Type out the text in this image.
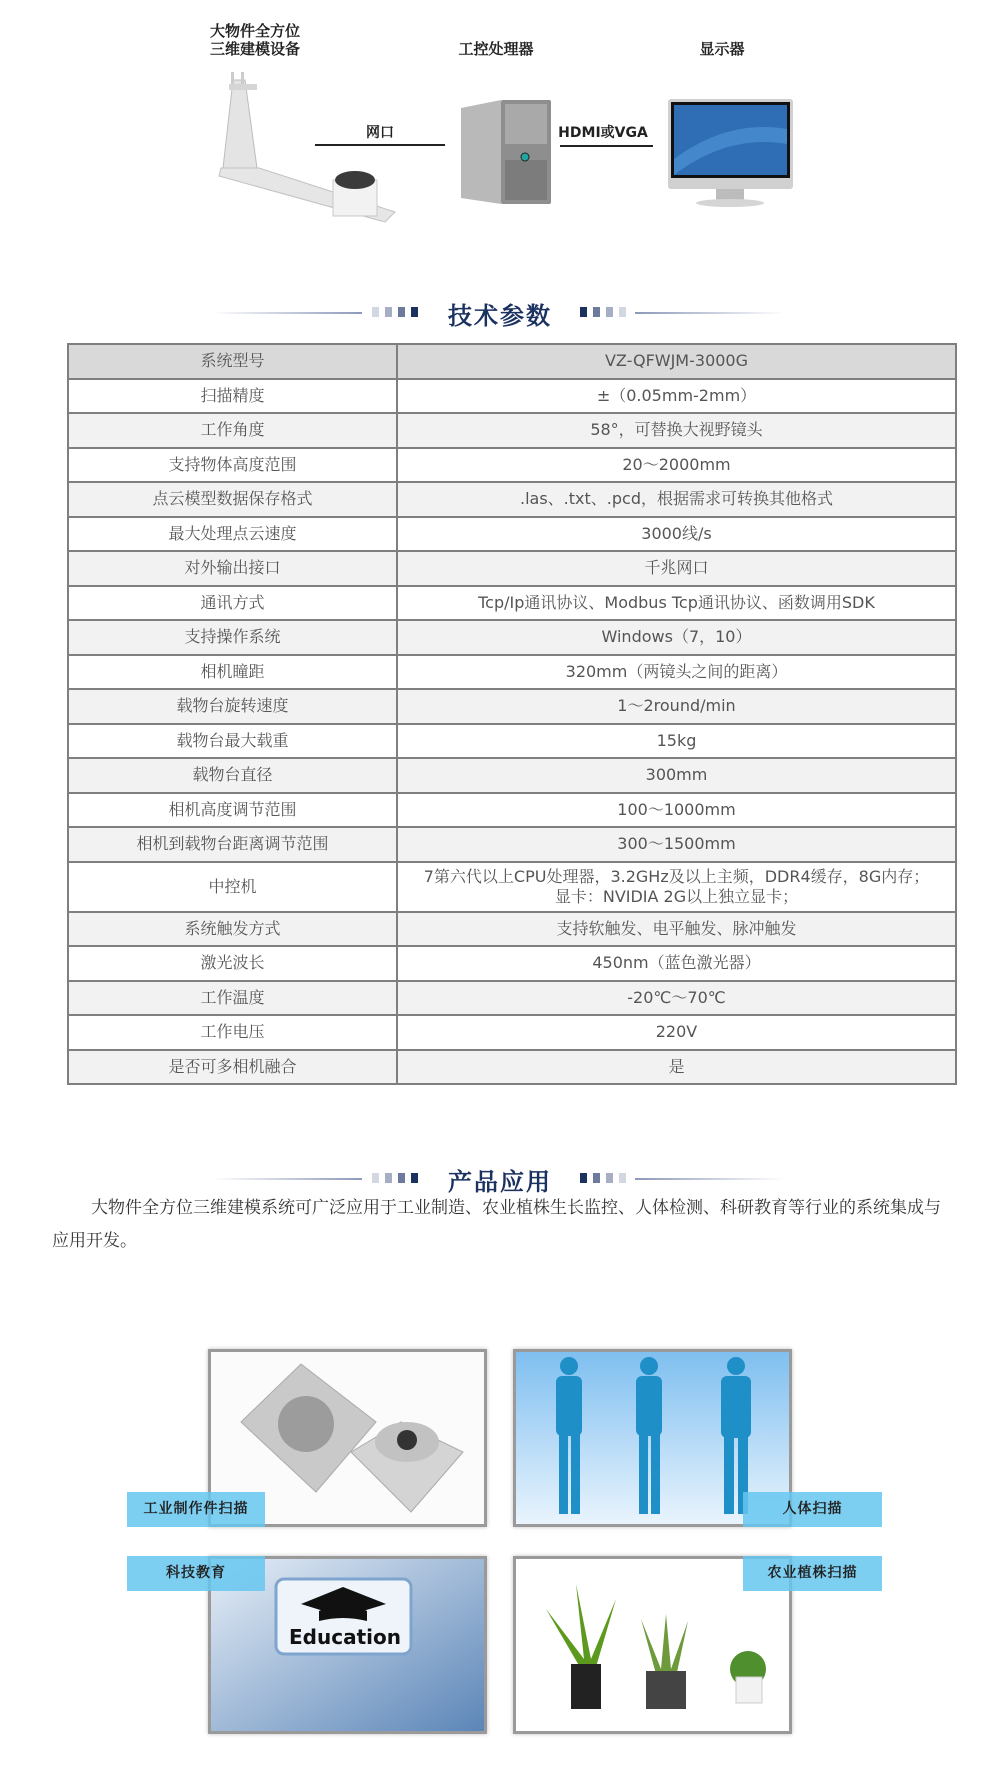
大物件全方位
三维建模设备	工控处理器	显示器
网口	HDMI或VGA
技术参数
系统型号	VZ-QFWJM-3000G
扫描精度	±（0.05mm-2mm）
工作角度	58°，可替换大视野镜头
支持物体高度范围	20～2000mm
点云模型数据保存格式	.las、.txt、.pcd，根据需求可转换其他格式
最大处理点云速度	3000线/s
对外输出接口	千兆网口
通讯方式	Tcp/Ip通讯协议、Modbus Tcp通讯协议、函数调用SDK
支持操作系统	Windows（7，10）
相机瞳距	320mm（两镜头之间的距离）
载物台旋转速度	1～2round/min
载物台最大载重	15kg
载物台直径	300mm
相机高度调节范围	100～1000mm
相机到载物台距离调节范围	300～1500mm
中控机	7第六代以上CPU处理器，3.2GHz及以上主频，DDR4缓存，8G内存；
显卡：NVIDIA 2G以上独立显卡；

系统触发方式	支持软触发、电平触发、脉冲触发
激光波长	450nm（蓝色激光器）
工作温度	-20℃～70℃
工作电压	220V
是否可多相机融合	是
产品应用

大物件全方位三维建模系统可广泛应用于工业制造、农业植株生长监控、人体检测、科研教育等行业的系统集成与应用开发。

Education
工业制作件扫描	人体扫描
科技教育	农业植株扫描
